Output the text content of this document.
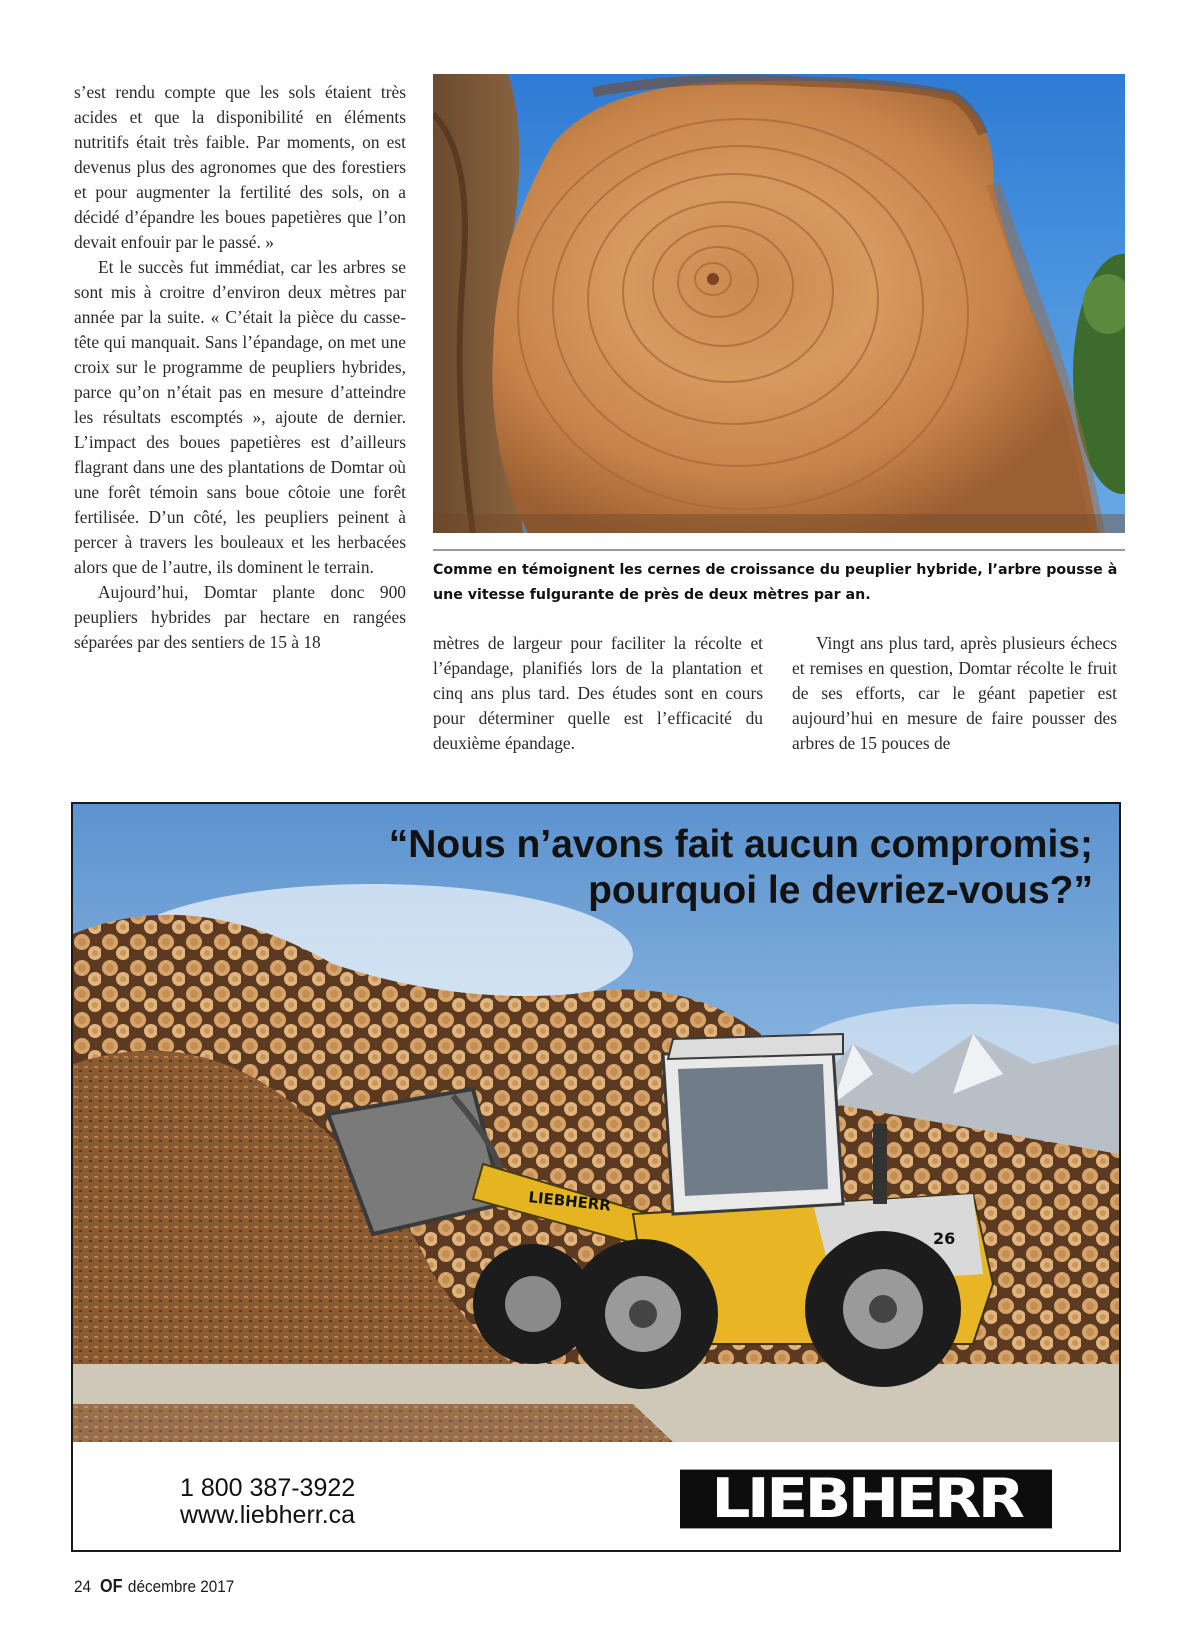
s’est rendu compte que les sols étaient très acides et que la disponibilité en éléments nutritifs était très faible. Par moments, on est devenus plus des agronomes que des forestiers et pour augmenter la fertilité des sols, on a décidé d’épandre les boues papetières que l’on devait enfouir par le passé. »

Et le succès fut immédiat, car les arbres se sont mis à croitre d’environ deux mètres par année par la suite. « C’était la pièce du casse-tête qui manquait. Sans l’épandage, on met une croix sur le programme de peupliers hybrides, parce qu’on n’était pas en mesure d’atteindre les résultats escomptés », ajoute de dernier. L’impact des boues papetières est d’ailleurs flagrant dans une des plantations de Domtar où une forêt témoin sans boue côtoie une forêt fertilisée. D’un côté, les peupliers peinent à percer à travers les bouleaux et les herbacées alors que de l’autre, ils dominent le terrain.

Aujourd’hui, Domtar plante donc 900 peupliers hybrides par hectare en rangées séparées par des sentiers de 15 à 18

Comme en témoignent les cernes de croissance du peuplier hybride, l’arbre pousse à une vitesse fulgurante de près de deux mètres par an.

mètres de largeur pour faciliter la récolte et l’épandage, planifiés lors de la plantation et cinq ans plus tard. Des études sont en cours pour déterminer quelle est l’efficacité du deuxième épandage.

Vingt ans plus tard, après plusieurs échecs et remises en question, Domtar récolte le fruit de ses efforts, car le géant papetier est aujourd’hui en mesure de faire pousser des arbres de 15 pouces de

LIEBHERR
26
“Nous n’avons fait aucun compromis;
pourquoi le devriez-vous?”
1 800 387-3922
www.liebherr.ca	LIEBHERR
24 OF décembre 2017
